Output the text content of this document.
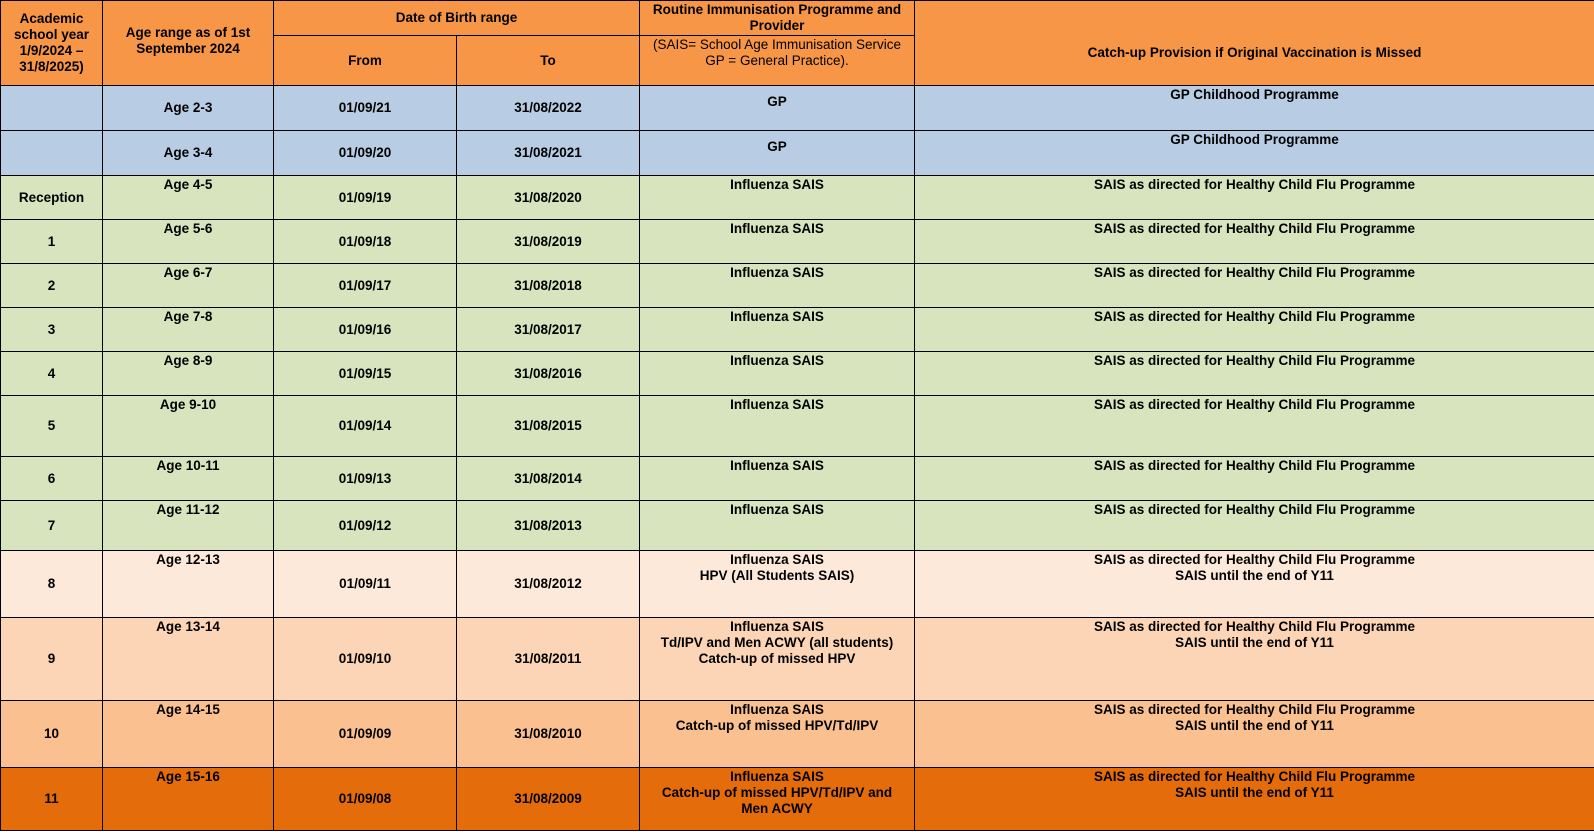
Academic school year 1/9/2024 – 31/8/2025)	Age range as of 1st September 2024	Date of Birth range		Routine Immunisation Programme and Provider	Catch-up Provision if Original Vaccination is Missed
		From	To	(SAIS= School Age Immunisation Service
GP = General Practice).	

	Age 2-3	01/09/21	31/08/2022	GP	GP Childhood Programme

	Age 3-4	01/09/20	31/08/2021	GP	GP Childhood Programme

Reception	Age 4-5	01/09/19	31/08/2020	Influenza SAIS	SAIS as directed for Healthy Child Flu Programme

1	Age 5-6	01/09/18	31/08/2019	Influenza SAIS	SAIS as directed for Healthy Child Flu Programme

2	Age 6-7	01/09/17	31/08/2018	Influenza SAIS	SAIS as directed for Healthy Child Flu Programme

3	Age 7-8	01/09/16	31/08/2017	Influenza SAIS	SAIS as directed for Healthy Child Flu Programme

4	Age 8-9	01/09/15	31/08/2016	Influenza SAIS	SAIS as directed for Healthy Child Flu Programme

5	Age 9-10	01/09/14	31/08/2015	Influenza SAIS	SAIS as directed for Healthy Child Flu Programme

6	Age 10-11	01/09/13	31/08/2014	Influenza SAIS	SAIS as directed for Healthy Child Flu Programme

7	Age 11-12	01/09/12	31/08/2013	Influenza SAIS	SAIS as directed for Healthy Child Flu Programme

8	Age 12-13	01/09/11	31/08/2012	Influenza SAIS
HPV (All Students SAIS)	SAIS as directed for Healthy Child Flu Programme
SAIS until the end of Y11

9	Age 13-14	01/09/10	31/08/2011	Influenza SAIS
Td/IPV and Men ACWY (all students)
Catch-up of missed HPV	SAIS as directed for Healthy Child Flu Programme
SAIS until the end of Y11

10	Age 14-15	01/09/09	31/08/2010	Influenza SAIS
Catch-up of missed HPV/Td/IPV	SAIS as directed for Healthy Child Flu Programme
SAIS until the end of Y11

11	Age 15-16	01/09/08	31/08/2009	Influenza SAIS
Catch-up of missed HPV/Td/IPV and
Men ACWY	SAIS as directed for Healthy Child Flu Programme
SAIS until the end of Y11
